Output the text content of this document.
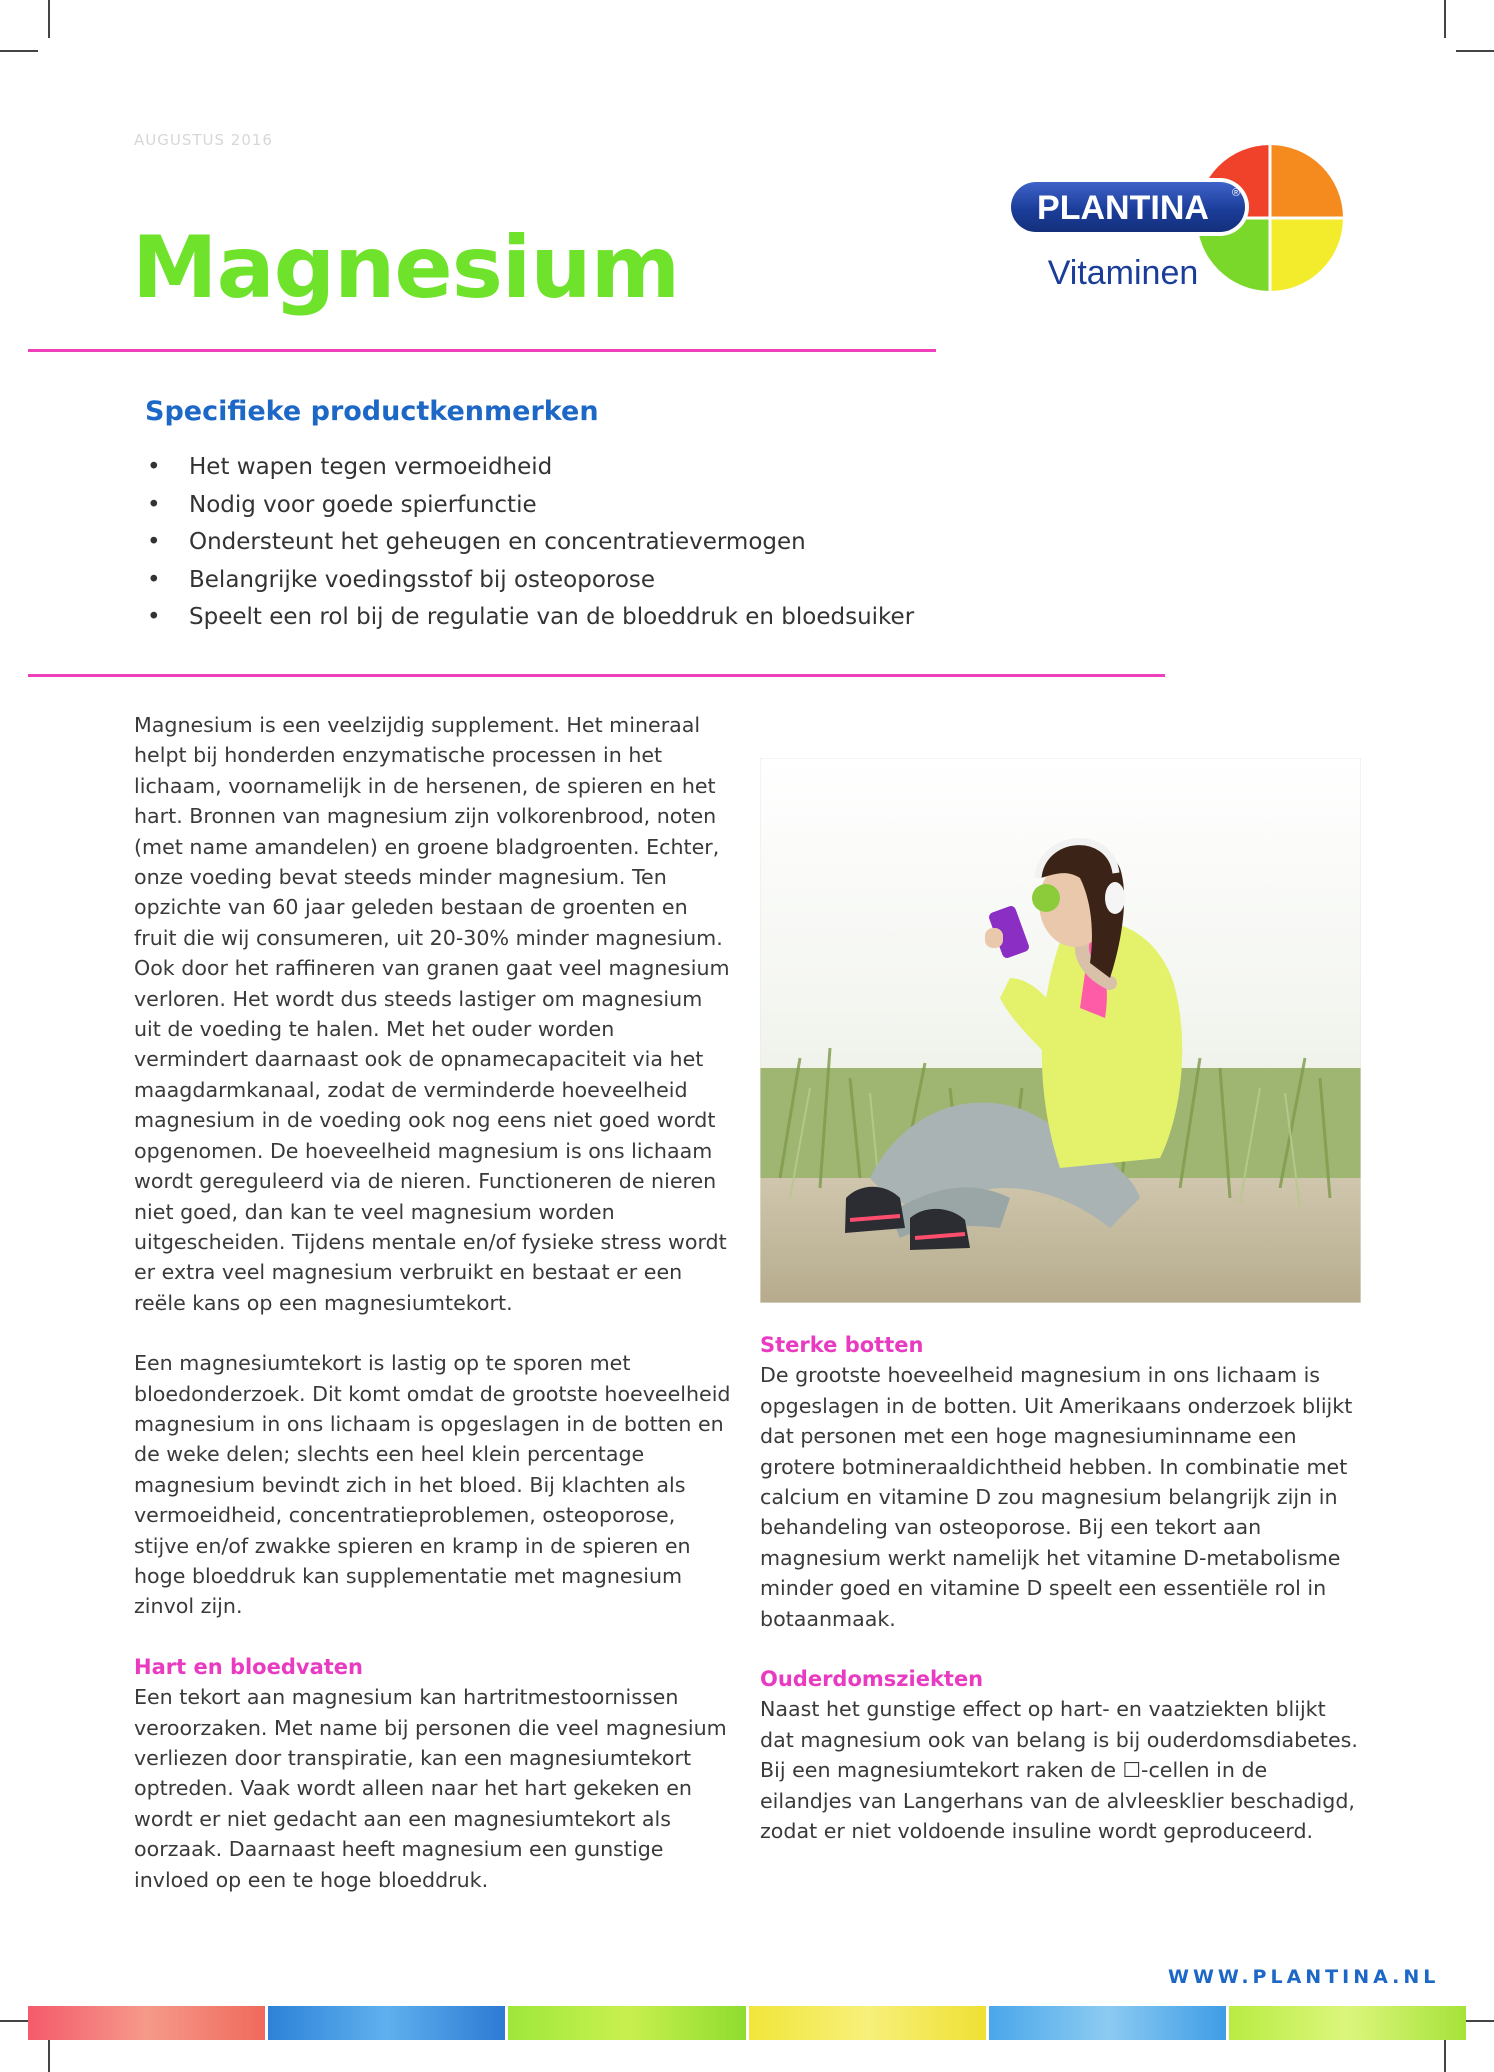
AUGUSTUS 2016
Magnesium
PLANTINA ®
Vitaminen
Specifieke productkenmerken
• Het wapen tegen vermoeidheid
• Nodig voor goede spierfunctie
• Ondersteunt het geheugen en concentratievermogen
• Belangrijke voedingsstof bij osteoporose
• Speelt een rol bij de regulatie van de bloeddruk en bloedsuiker

Magnesium is een veelzijdig supplement. Het mineraal helpt bij honderden enzymatische processen in het lichaam, voornamelijk in de hersenen, de spieren en het hart. Bronnen van magnesium zijn volkorenbrood, noten (met name amandelen) en groene bladgroenten. Echter, onze voeding bevat steeds minder magnesium. Ten opzichte van 60 jaar geleden bestaan de groenten en fruit die wij consumeren, uit 20-30% minder magnesium. Ook door het raffineren van granen gaat veel magnesium verloren. Het wordt dus steeds lastiger om magnesium uit de voeding te halen. Met het ouder worden vermindert daarnaast ook de opnamecapaciteit via het maagdarmkanaal, zodat de verminderde hoeveelheid magnesium in de voeding ook nog eens niet goed wordt opgenomen. De hoeveelheid magnesium is ons lichaam wordt gereguleerd via de nieren. Functioneren de nieren niet goed, dan kan te veel magnesium worden uitgescheiden. Tijdens mentale en/of fysieke stress wordt er extra veel magnesium verbruikt en bestaat er een reële kans op een magnesiumtekort.

Een magnesiumtekort is lastig op te sporen met bloedonderzoek. Dit komt omdat de grootste hoeveelheid magnesium in ons lichaam is opgeslagen in de botten en de weke delen; slechts een heel klein percentage magnesium bevindt zich in het bloed. Bij klachten als vermoeidheid, concentratieproblemen, osteoporose, stijve en/of zwakke spieren en kramp in de spieren en hoge bloeddruk kan supplementatie met magnesium zinvol zijn.

Hart en bloedvaten

Een tekort aan magnesium kan hartritmestoornissen veroorzaken. Met name bij personen die veel magnesium verliezen door transpiratie, kan een magnesiumtekort optreden. Vaak wordt alleen naar het hart gekeken en wordt er niet gedacht aan een magnesiumtekort als oorzaak. Daarnaast heeft magnesium een gunstige invloed op een te hoge bloeddruk.

Sterke botten

De grootste hoeveelheid magnesium in ons lichaam is opgeslagen in de botten. Uit Amerikaans onderzoek blijkt dat personen met een hoge magnesiuminname een grotere botmineraaldichtheid hebben. In combinatie met calcium en vitamine D zou magnesium belangrijk zijn in behandeling van osteoporose. Bij een tekort aan magnesium werkt namelijk het vitamine D-metabolisme minder goed en vitamine D speelt een essentiële rol in botaanmaak.

Ouderdomsziekten

Naast het gunstige effect op hart- en vaatziekten blijkt dat magnesium ook van belang is bij ouderdomsdiabetes. Bij een magnesiumtekort raken de ☐-cellen in de eilandjes van Langerhans van de alvleesklier beschadigd, zodat er niet voldoende insuline wordt geproduceerd.

WWW.PLANTINA.NL
